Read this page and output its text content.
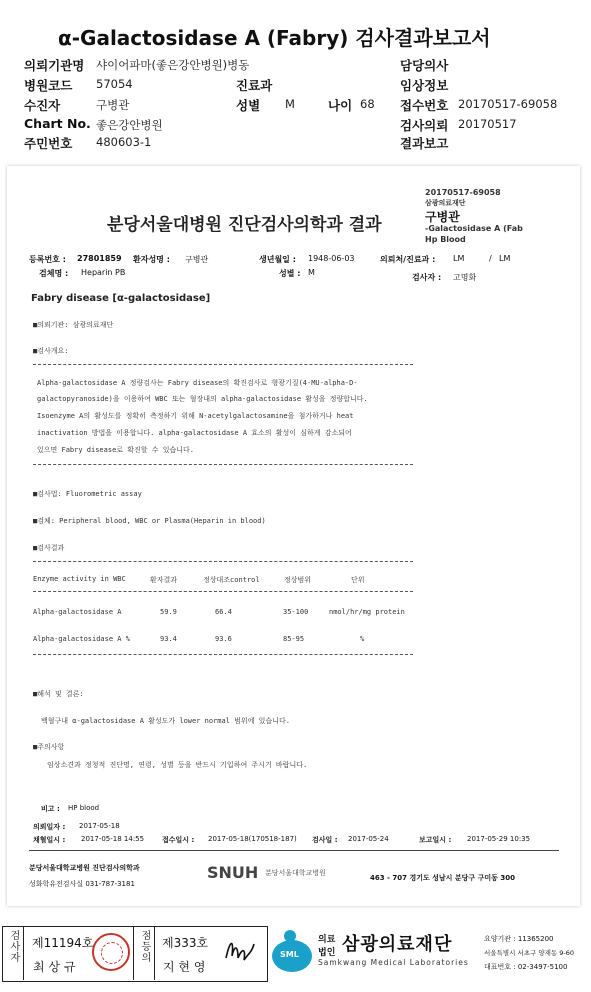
α-Galactosidase A (Fabry) 검사결과보고서
의뢰기관명 샤이어파마(좋은강안병원)병동
병원코드 57054
수진자	구병관
Chart No. 좋은강안병원
주민번호 480603-1
진료과
성별 M	나이 68
담당의사
임상정보
접수번호 20170517-69058
검사의뢰 20170517
결과보고
20170517-69058
삼광의료재단
구병관
-Galactosidase A (Fab
Hp Blood
분당서울대병원 진단검사의학과 결과
등록번호 : 27801859 환자성명 : 구병관	생년월일 : 1948-06-03	의뢰처/진료과 : LM	/ LM
검체명 : Heparin PB	성별 : M
검사자 : 고명화
Fabry disease [α-galactosidase]
■의뢰기관: 삼광의료재단
■검사개요:
Alpha-galactosidase A 정량검사는 Fabry disease의 확진검사로 형광기질(4-MU-alpha-D-
galactopyranoside)을 이용하여 WBC 또는 혈장내의 alpha-galactosidase 활성을 정량합니다.
Isoenzyme A의 활성도를 정확히 측정하기 위해 N-acetylgalactosamine을 첨가하거나 heat
inactivation 방법을 이용합니다. alpha-galactosidase A 효소의 활성이 심하게 감소되어
있으면 Fabry disease로 확진할 수 있습니다.
■검사법: Fluorometric assay
■검체: Peripheral blood, WBC or Plasma(Heparin in blood)
■검사결과
Enzyme activity in WBC	환자결과	정상대조control	정상범위	단위
Alpha-galactosidase A	59.9	66.4	35-100	nmol/hr/mg protein
Alpha-galactosidase A %	93.4	93.6	85-95	%
■해석 및 결론:
백혈구내 α-galactosidase A 활성도가 lower normal 범위에 있습니다.
■주의사항
임상소견과 정청적 진단명, 연령, 성별 등을 반드시 기입하여 주시기 바랍니다.
비고 : HP blood
의뢰일자 : 2017-05-18
채혈일시 : 2017-05-18 14:55	접수일시 : 2017-05-18(170518-187) 검사일 : 2017-05-24	보고일시 : 2017-05-29 10:35
분당서울대학교병원 진단검사의학과
성화학유전검사실 031-787-3181
SNUH 분당서울대학교병원
463 - 707 경기도 성남시 분당구 구미동 300
검사자 제11194호
최 상 규
점등의 제333호
지 현 영
SML
의료
법인 삼광의료재단
Samkwang Medical Laboratories
요양기관 : 11365200
서울특별시 서초구 양재동 9-60
대표번호 : 02-3497-5100
